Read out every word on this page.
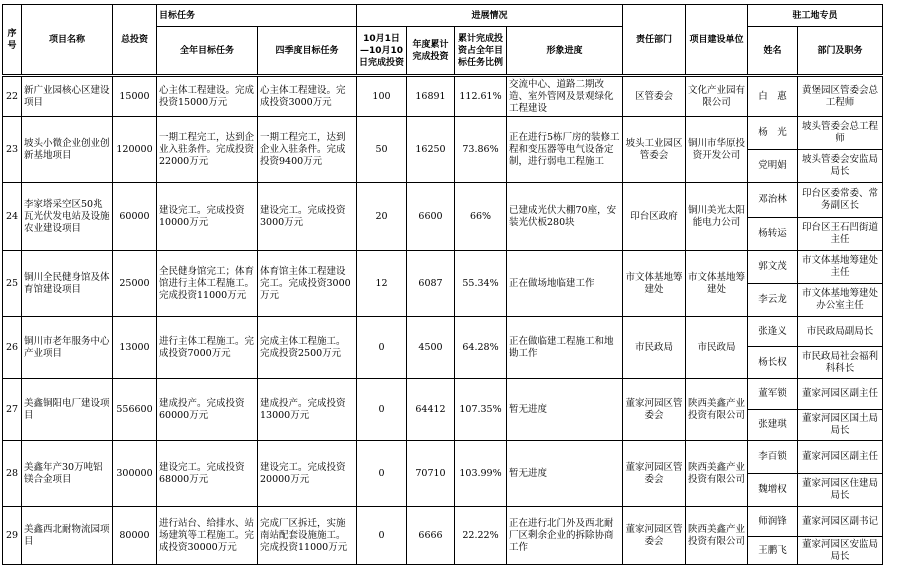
序号	项目名称	总投资	目标任务		进展情况				责任部门	项目建设单位	驻工地专员	
			全年目标任务	四季度目标任务	10月1日—10月10日完成投资	年度累计完成投资	累计完成投资占全年目标任务比例	形象进度			姓名	部门及职务
22	新广业园核心区建设项目	15000	心主体工程建设。完成投资15000万元	心主体工程建设。完成投资3000万元	100	16891	112.61%	交流中心、道路二期改造、室外管网及景观绿化工程建设	区管委会	文化产业园有限公司	白　惠	黄堡园区管委会总工程师
23	坡头小微企业创业创新基地项目	120000	一期工程完工，达到企业入驻条件。完成投资22000万元	一期工程完工，达到企业入驻条件。完成投资9400万元	50	16250	73.86%	正在进行5栋厂房的装修工程和变压器等电气设备定制，进行弱电工程施工	坡头工业园区管委会	铜川市华原投资开发公司	杨　光	坡头管委会总工程师
											党明娟	坡头管委会安监局局长
24	李家塔采空区50兆瓦光伏发电站及设施农业建设项目	60000	建设完工。完成投资10000万元	建设完工。完成投资3000万元	20	6600	66%	已建成光伏大棚70座，安装光伏板280块	印台区政府	铜川美光太阳能电力公司	邓治林	印台区委常委、常务副区长
											杨转运	印台区王石凹街道主任
25	铜川全民健身馆及体育馆建设项目	25000	全民健身馆完工；体育馆进行主体工程施工。完成投资11000万元	体育馆主体工程建设完工。完成投资3000万元	12	6087	55.34%	正在做场地临建工作	市文体基地筹建处	市文体基地筹建处	郭文茂	市文体基地筹建处主任
											李云龙	市文体基地筹建处办公室主任
26	铜川市老年服务中心产业项目	13000	进行主体工程施工。完成投资7000万元	完成主体工程施工。完成投资2500万元	0	4500	64.28%	正在做临建工程施工和地勘工作	市民政局	市民政局	张逢义	市民政局副局长
											杨长权	市民政局社会福利科科长
27	美鑫铜阳电厂建设项目	556600	建成投产。完成投资60000万元	建成投产。完成投资13000万元	0	64412	107.35%	暂无进度	董家河园区管委会	陕西美鑫产业投资有限公司	董军锁	董家河园区副主任
											张建琪	董家河园区国土局局长
28	美鑫年产30万吨铝镁合金项目	300000	建设完工。完成投资68000万元	建设完工。完成投资20000万元	0	70710	103.99%	暂无进度	董家河园区管委会	陕西美鑫产业投资有限公司	李百锁	董家河园区副主任
											魏增权	董家河园区住建局局长
29	美鑫西北耐物流园项目	80000	进行站台、给排水、站场建筑等工程施工。完成投资30000万元	完成厂区拆迁，实施南站配套设施施工。完成投资11000万元	0	6666	22.22%	正在进行北门外及西北耐厂区剩余企业的拆除协商工作	董家河园区管委会	陕西美鑫产业投资有限公司	师润锋	董家河园区副书记
											王鹏飞	董家河园区安监局局长
